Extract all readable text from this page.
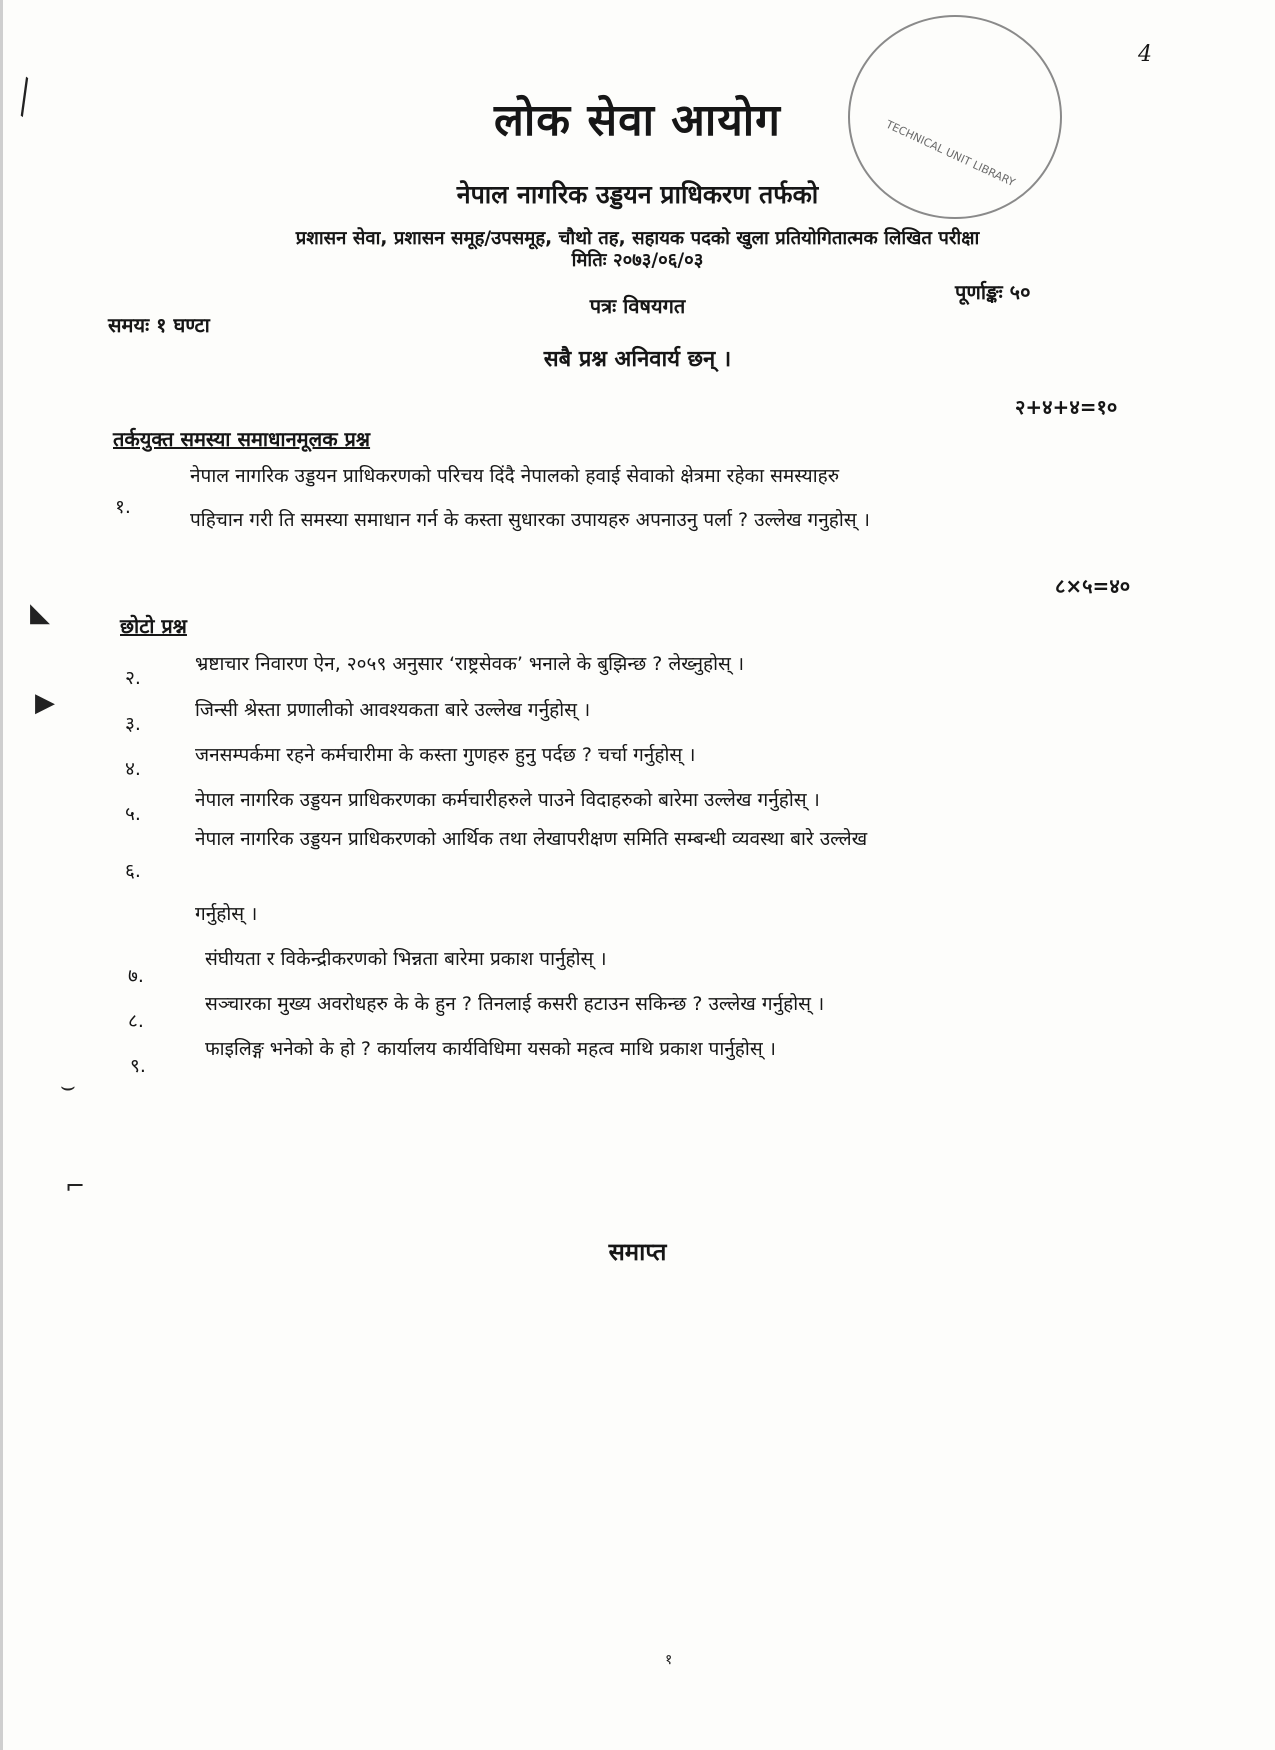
╲
◣
▶
⌣
⌐
4
TECHNICAL UNIT LIBRARY
लोक सेवा आयोग
नेपाल नागरिक उड्डयन प्राधिकरण तर्फको
प्रशासन सेवा, प्रशासन समूह/उपसमूह, चौथो तह, सहायक पदको खुला प्रतियोगितात्मक लिखित परीक्षा
मितिः २०७३/०६/०३
पूर्णाङ्कः ५०
पत्रः विषयगत
समयः १ घण्टा
सबै प्रश्न अनिवार्य छन् ।
२+४+४=१०
तर्कयुक्त समस्या समाधानमूलक प्रश्न
१.
नेपाल नागरिक उड्डयन प्राधिकरणको परिचय दिंदै नेपालको हवाई सेवाको क्षेत्रमा रहेका समस्याहरु
पहिचान गरी ति समस्या समाधान गर्न के कस्ता सुधारका उपायहरु अपनाउनु पर्ला ? उल्लेख गनुहोस् ।
८×५=४०
छोटो प्रश्न
२.
भ्रष्टाचार निवारण ऐन, २०५९ अनुसार ‘राष्ट्रसेवक’ भनाले के बुझिन्छ ? लेख्नुहोस् ।
३.
जिन्सी श्रेस्ता प्रणालीको आवश्यकता बारे उल्लेख गर्नुहोस् ।
४.
जनसम्पर्कमा रहने कर्मचारीमा के कस्ता गुणहरु हुनु पर्दछ ? चर्चा गर्नुहोस् ।
५.
नेपाल नागरिक उड्डयन प्राधिकरणका कर्मचारीहरुले पाउने विदाहरुको बारेमा उल्लेख गर्नुहोस् ।
६.
नेपाल नागरिक उड्डयन प्राधिकरणको आर्थिक तथा लेखापरीक्षण समिति सम्बन्धी व्यवस्था बारे उल्लेख
गर्नुहोस् ।
७.
संघीयता र विकेन्द्रीकरणको भिन्नता बारेमा प्रकाश पार्नुहोस् ।
८.
सञ्चारका मुख्य अवरोधहरु के के हुन ? तिनलाई कसरी हटाउन सकिन्छ ? उल्लेख गर्नुहोस् ।
९.
फाइलिङ्ग भनेको के हो ? कार्यालय कार्यविधिमा यसको महत्व माथि प्रकाश पार्नुहोस् ।
समाप्त
१
